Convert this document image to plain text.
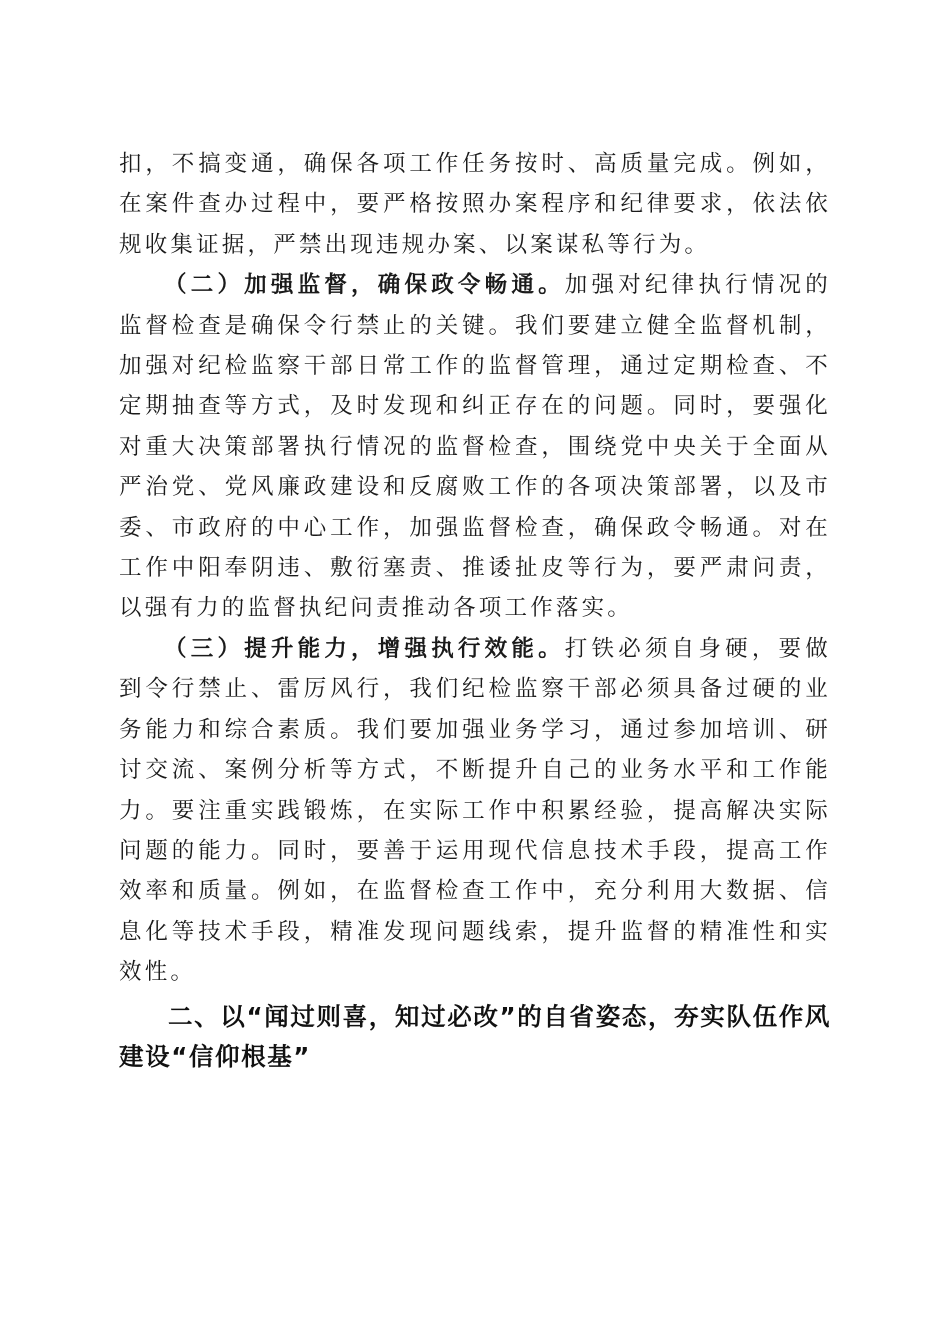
扣，不搞变通，确保各项工作任务按时、高质量完成。例如，在案件查办过程中，要严格按照办案程序和纪律要求，依法依规收集证据，严禁出现违规办案、以案谋私等行为。

（二）加强监督，确保政令畅通。加强对纪律执行情况的监督检查是确保令行禁止的关键。我们要建立健全监督机制，加强对纪检监察干部日常工作的监督管理，通过定期检查、不定期抽查等方式，及时发现和纠正存在的问题。同时，要强化对重大决策部署执行情况的监督检查，围绕党中央关于全面从严治党、党风廉政建设和反腐败工作的各项决策部署，以及市委、市政府的中心工作，加强监督检查，确保政令畅通。对在工作中阳奉阴违、敷衍塞责、推诿扯皮等行为，要严肃问责，以强有力的监督执纪问责推动各项工作落实。

（三）提升能力，增强执行效能。打铁必须自身硬，要做到令行禁止、雷厉风行，我们纪检监察干部必须具备过硬的业务能力和综合素质。我们要加强业务学习，通过参加培训、研讨交流、案例分析等方式，不断提升自己的业务水平和工作能力。要注重实践锻炼，在实际工作中积累经验，提高解决实际问题的能力。同时，要善于运用现代信息技术手段，提高工作效率和质量。例如，在监督检查工作中，充分利用大数据、信息化等技术手段，精准发现问题线索，提升监督的精准性和实效性。

二、以“闻过则喜，知过必改”的自省姿态，夯实队伍作风建设“信仰根基”
